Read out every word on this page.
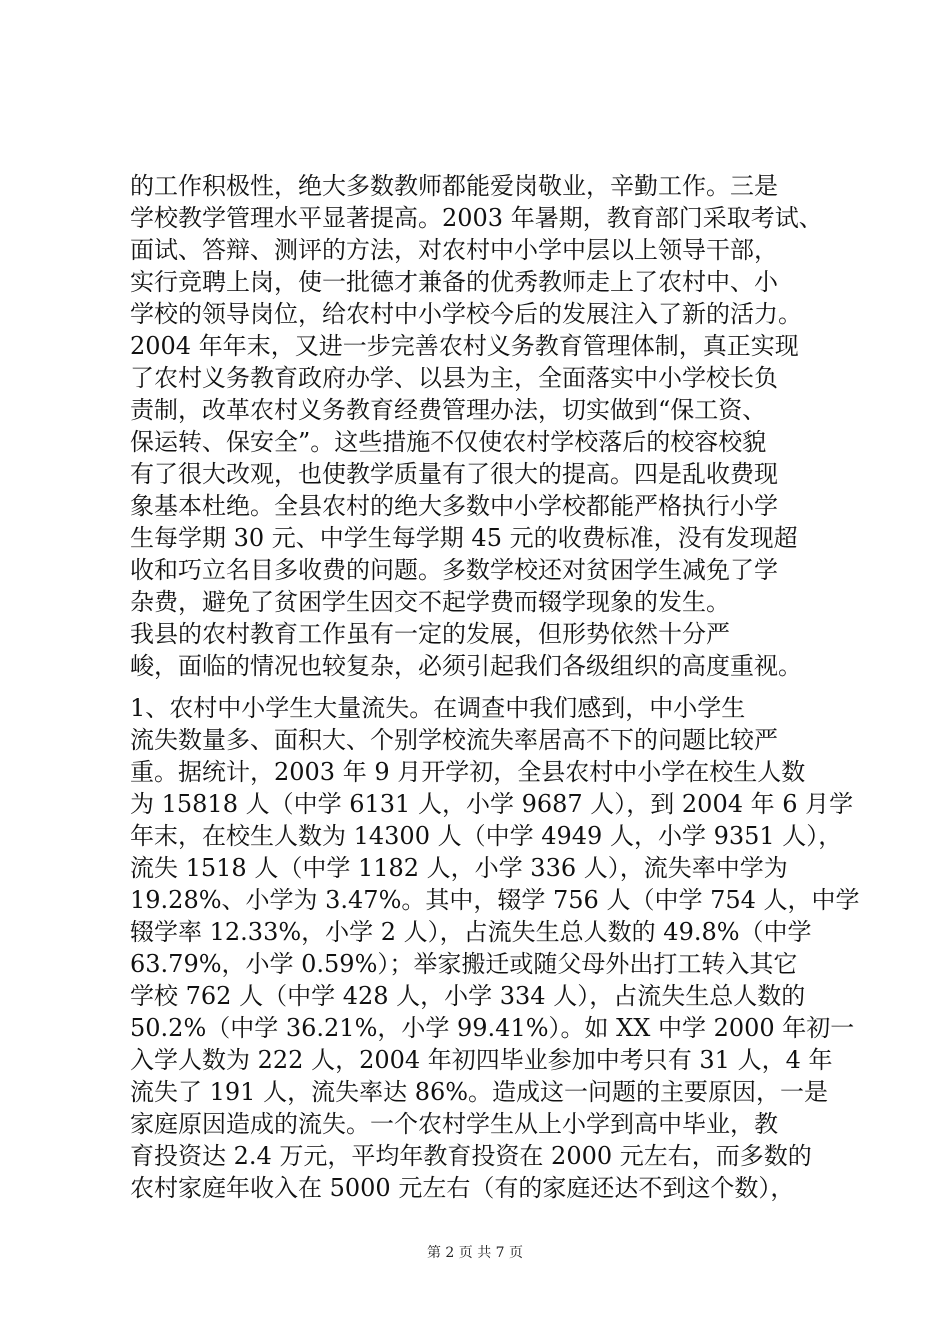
的工作积极性，绝大多数教师都能爱岗敬业，辛勤工作。三是
学校教学管理水平显著提高。2003 年暑期，教育部门采取考试、
面试、答辩、测评的方法，对农村中小学中层以上领导干部，
实行竞聘上岗，使一批德才兼备的优秀教师走上了农村中、小
学校的领导岗位，给农村中小学校今后的发展注入了新的活力。
2004 年年末，又进一步完善农村义务教育管理体制，真正实现
了农村义务教育政府办学、以县为主，全面落实中小学校长负
责制，改革农村义务教育经费管理办法，切实做到“保工资、
保运转、保安全”。这些措施不仅使农村学校落后的校容校貌
有了很大改观，也使教学质量有了很大的提高。四是乱收费现
象基本杜绝。全县农村的绝大多数中小学校都能严格执行小学
生每学期 30 元、中学生每学期 45 元的收费标准，没有发现超
收和巧立名目多收费的问题。多数学校还对贫困学生减免了学
杂费，避免了贫困学生因交不起学费而辍学现象的发生。
我县的农村教育工作虽有一定的发展，但形势依然十分严
峻，面临的情况也较复杂，必须引起我们各级组织的高度重视。
1、农村中小学生大量流失。在调查中我们感到，中小学生
流失数量多、面积大、个别学校流失率居高不下的问题比较严
重。据统计，2003 年 9 月开学初，全县农村中小学在校生人数
为 15818 人（中学 6131 人，小学 9687 人），到 2004 年 6 月学
年末，在校生人数为 14300 人（中学 4949 人，小学 9351 人），
流失 1518 人（中学 1182 人，小学 336 人），流失率中学为
19.28%、小学为 3.47%。其中，辍学 756 人（中学 754 人，中学
辍学率 12.33%，小学 2 人），占流失生总人数的 49.8%（中学
63.79%，小学 0.59%）；举家搬迁或随父母外出打工转入其它
学校 762 人（中学 428 人，小学 334 人），占流失生总人数的
50.2%（中学 36.21%，小学 99.41%）。如 XX 中学 2000 年初一
入学人数为 222 人，2004 年初四毕业参加中考只有 31 人，4 年
流失了 191 人，流失率达 86%。造成这一问题的主要原因，一是
家庭原因造成的流失。一个农村学生从上小学到高中毕业，教
育投资达 2.4 万元，平均年教育投资在 2000 元左右，而多数的
农村家庭年收入在 5000 元左右（有的家庭还达不到这个数），
第 2 页 共 7 页
